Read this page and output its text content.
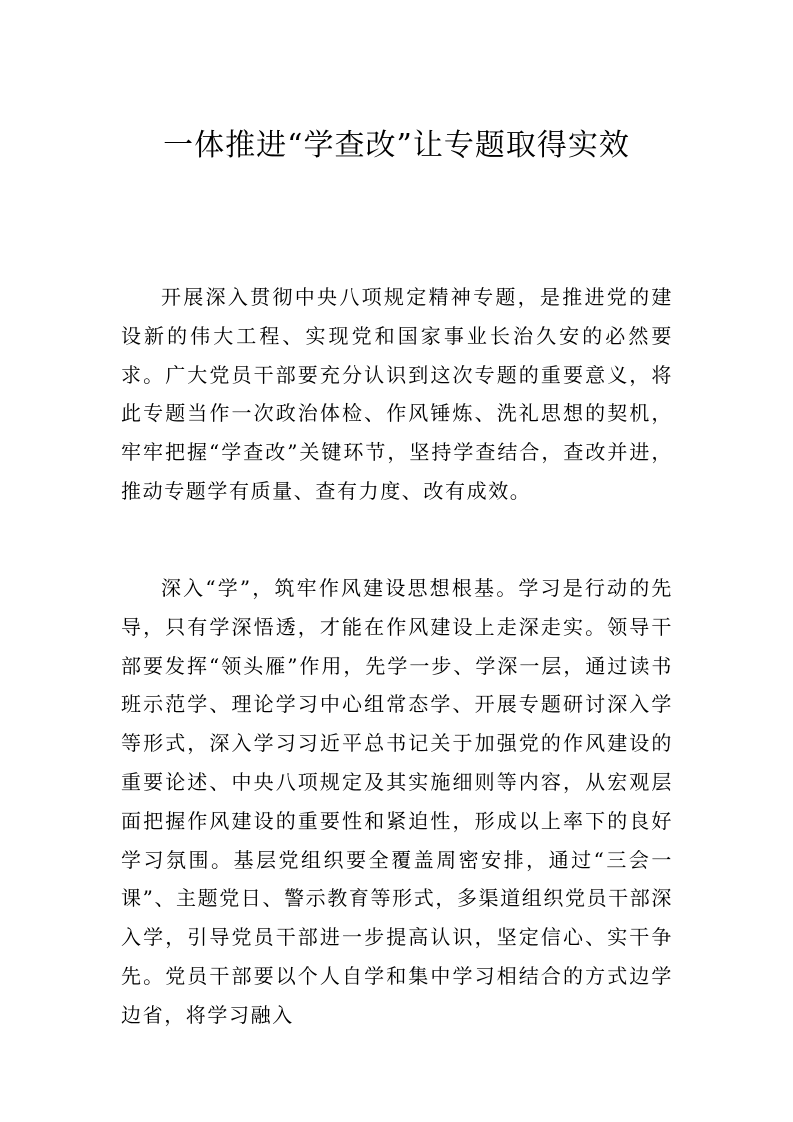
一体推进“学查改”让专题取得实效

开展深入贯彻中央八项规定精神专题，是推进党的建设新的伟大工程、实现党和国家事业长治久安的必然要求。广大党员干部要充分认识到这次专题的重要意义，将此专题当作一次政治体检、作风锤炼、洗礼思想的契机，牢牢把握“学查改”关键环节，坚持学查结合，查改并进，推动专题学有质量、查有力度、改有成效。

深入“学”，筑牢作风建设思想根基。学习是行动的先导，只有学深悟透，才能在作风建设上走深走实。领导干部要发挥“领头雁”作用，先学一步、学深一层，通过读书班示范学、理论学习中心组常态学、开展专题研讨深入学等形式，深入学习习近平总书记关于加强党的作风建设的重要论述、中央八项规定及其实施细则等内容，从宏观层面把握作风建设的重要性和紧迫性，形成以上率下的良好学习氛围。基层党组织要全覆盖周密安排，通过“三会一课”、主题党日、警示教育等形式，多渠道组织党员干部深入学，引导党员干部进一步提高认识，坚定信心、实干争先。党员干部要以个人自学和集中学习相结合的方式边学边省，将学习融入
